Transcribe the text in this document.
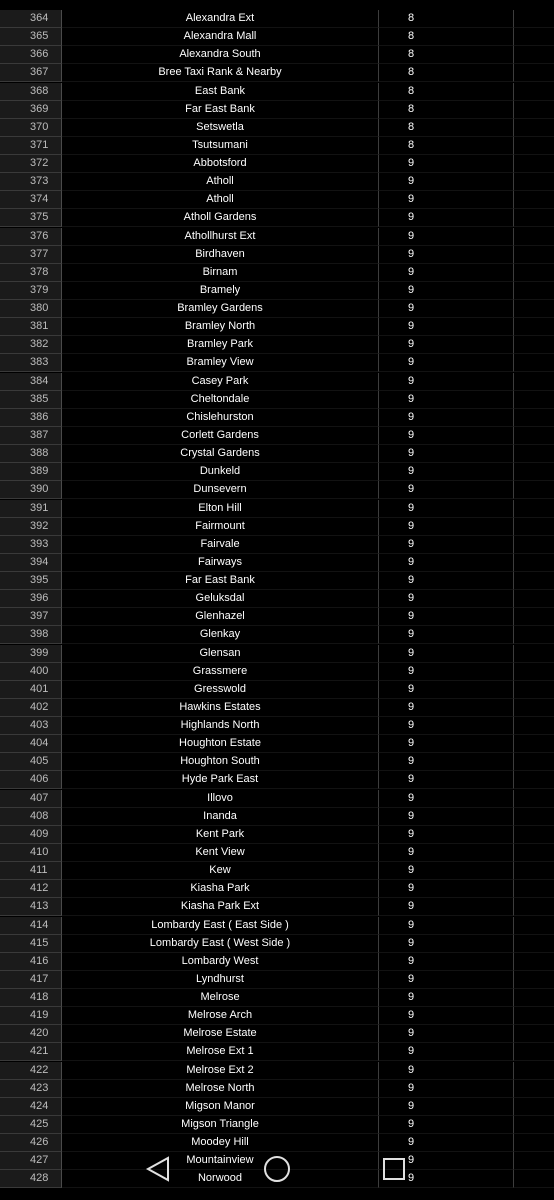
364	Alexandra Ext	8
365	Alexandra Mall	8
366	Alexandra South	8
367	Bree Taxi Rank & Nearby	8
368	East Bank	8
369	Far East Bank	8
370	Setswetla	8
371	Tsutsumani	8
372	Abbotsford	9
373	Atholl	9
374	Atholl	9
375	Atholl Gardens	9
376	Athollhurst Ext	9
377	Birdhaven	9
378	Birnam	9
379	Bramely	9
380	Bramley Gardens	9
381	Bramley North	9
382	Bramley Park	9
383	Bramley View	9
384	Casey Park	9
385	Cheltondale	9
386	Chislehurston	9
387	Corlett Gardens	9
388	Crystal Gardens	9
389	Dunkeld	9
390	Dunsevern	9
391	Elton Hill	9
392	Fairmount	9
393	Fairvale	9
394	Fairways	9
395	Far East Bank	9
396	Geluksdal	9
397	Glenhazel	9
398	Glenkay	9
399	Glensan	9
400	Grassmere	9
401	Gresswold	9
402	Hawkins Estates	9
403	Highlands North	9
404	Houghton Estate	9
405	Houghton South	9
406	Hyde Park East	9
407	Illovo	9
408	Inanda	9
409	Kent Park	9
410	Kent View	9
411	Kew	9
412	Kiasha Park	9
413	Kiasha Park Ext	9
414	Lombardy East ( East Side )	9
415	Lombardy East ( West Side )	9
416	Lombardy West	9
417	Lyndhurst	9
418	Melrose	9
419	Melrose Arch	9
420	Melrose Estate	9
421	Melrose Ext 1	9
422	Melrose Ext 2	9
423	Melrose North	9
424	Migson Manor	9
425	Migson Triangle	9
426	Moodey Hill	9
427	Mountainview	9
428	Norwood	9
